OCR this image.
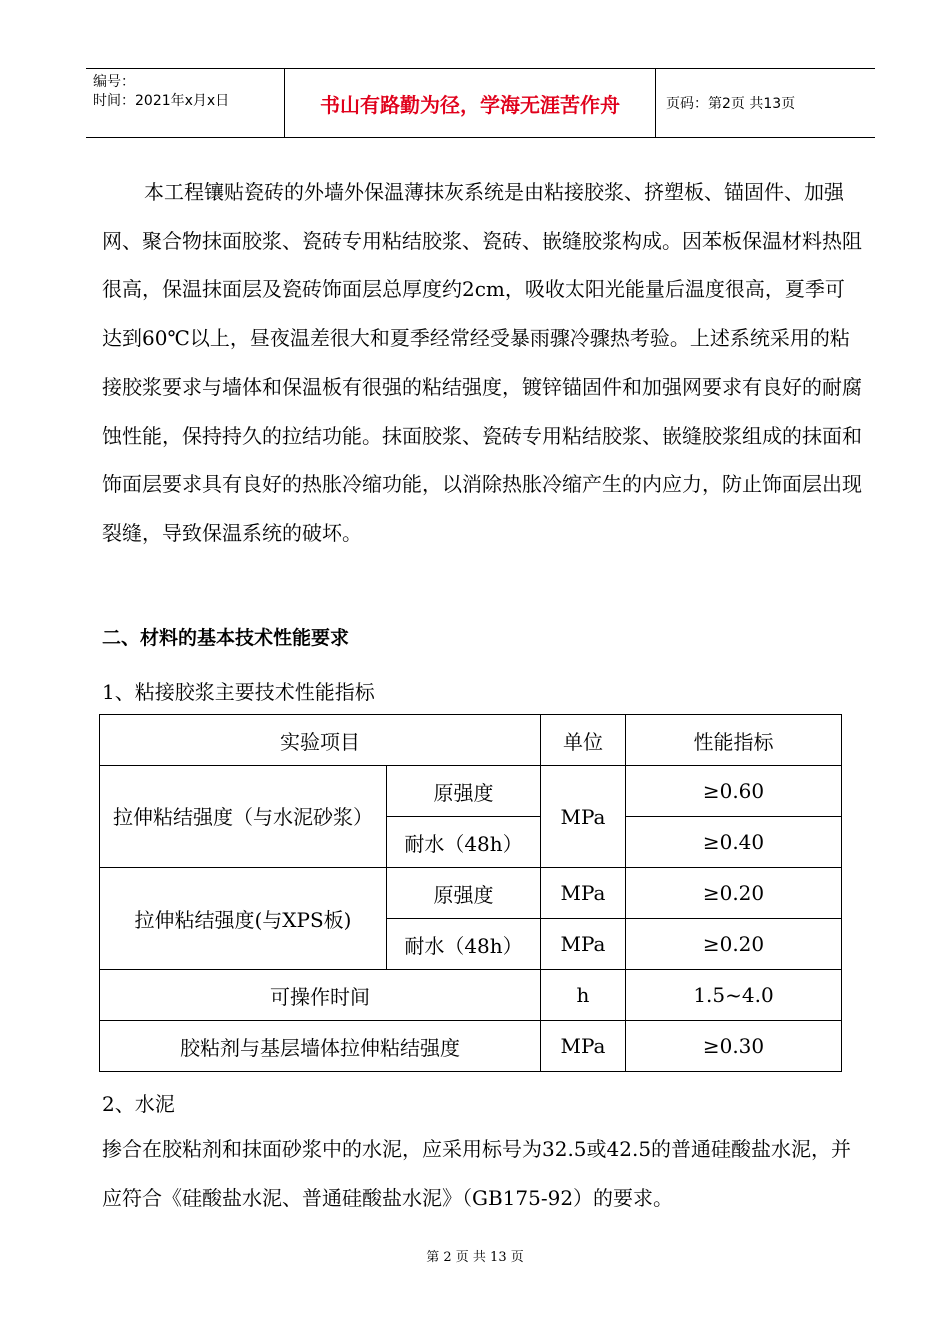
编号：
时间：2021年x月x日	书山有路勤为径，学海无涯苦作舟	页码：第2页 共13页
本工程镶贴瓷砖的外墙外保温薄抹灰系统是由粘接胶浆、挤塑板、锚固件、加强网、聚合物抹面胶浆、瓷砖专用粘结胶浆、瓷砖、嵌缝胶浆构成。因苯板保温材料热阻很高，保温抹面层及瓷砖饰面层总厚度约2cm，吸收太阳光能量后温度很高，夏季可达到60℃以上，昼夜温差很大和夏季经常经受暴雨骤冷骤热考验。上述系统采用的粘接胶浆要求与墙体和保温板有很强的粘结强度，镀锌锚固件和加强网要求有良好的耐腐蚀性能，保持持久的拉结功能。抹面胶浆、瓷砖专用粘结胶浆、嵌缝胶浆组成的抹面和饰面层要求具有良好的热胀冷缩功能，以消除热胀冷缩产生的内应力，防止饰面层出现裂缝，导致保温系统的破坏。
二、材料的基本技术性能要求
1、粘接胶浆主要技术性能指标
实验项目		单位	性能指标
拉伸粘结强度（与水泥砂浆）	原强度	MPa	≥0.60
	耐水（48h）		≥0.40
拉伸粘结强度(与XPS板)	原强度	MPa	≥0.20
	耐水（48h）	MPa	≥0.20
可操作时间		h	1.5~4.0
胶粘剂与基层墙体拉伸粘结强度		MPa	≥0.30
2、水泥
掺合在胶粘剂和抹面砂浆中的水泥，应采用标号为32.5或42.5的普通硅酸盐水泥，并应符合《硅酸盐水泥、普通硅酸盐水泥》（GB175-92）的要求。
第 2 页 共 13 页
